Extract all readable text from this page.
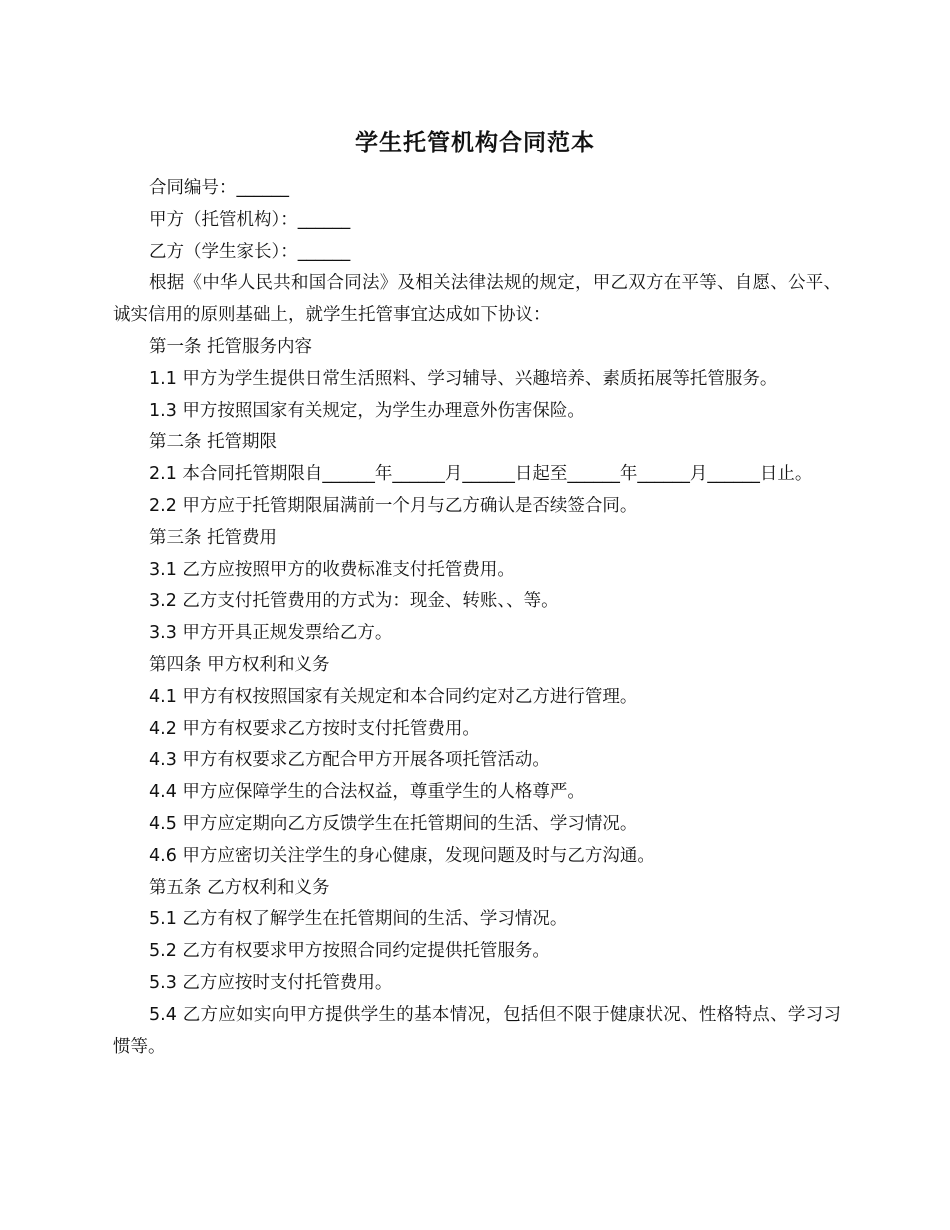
学生托管机构合同范本

合同编号：______

甲方（托管机构）：______

乙方（学生家长）：______

根据《中华人民共和国合同法》及相关法律法规的规定，甲乙双方在平等、自愿、公平、诚实信用的原则基础上，就学生托管事宜达成如下协议：

第一条 托管服务内容

1.1 甲方为学生提供日常生活照料、学习辅导、兴趣培养、素质拓展等托管服务。

1.3 甲方按照国家有关规定，为学生办理意外伤害保险。

第二条 托管期限

2.1 本合同托管期限自______年______月______日起至______年______月______日止。

2.2 甲方应于托管期限届满前一个月与乙方确认是否续签合同。

第三条 托管费用

3.1 乙方应按照甲方的收费标准支付托管费用。

3.2 乙方支付托管费用的方式为：现金、转账、、等。

3.3 甲方开具正规发票给乙方。

第四条 甲方权利和义务

4.1 甲方有权按照国家有关规定和本合同约定对乙方进行管理。

4.2 甲方有权要求乙方按时支付托管费用。

4.3 甲方有权要求乙方配合甲方开展各项托管活动。

4.4 甲方应保障学生的合法权益，尊重学生的人格尊严。

4.5 甲方应定期向乙方反馈学生在托管期间的生活、学习情况。

4.6 甲方应密切关注学生的身心健康，发现问题及时与乙方沟通。

第五条 乙方权利和义务

5.1 乙方有权了解学生在托管期间的生活、学习情况。

5.2 乙方有权要求甲方按照合同约定提供托管服务。

5.3 乙方应按时支付托管费用。

5.4 乙方应如实向甲方提供学生的基本情况，包括但不限于健康状况、性格特点、学习习惯等。
